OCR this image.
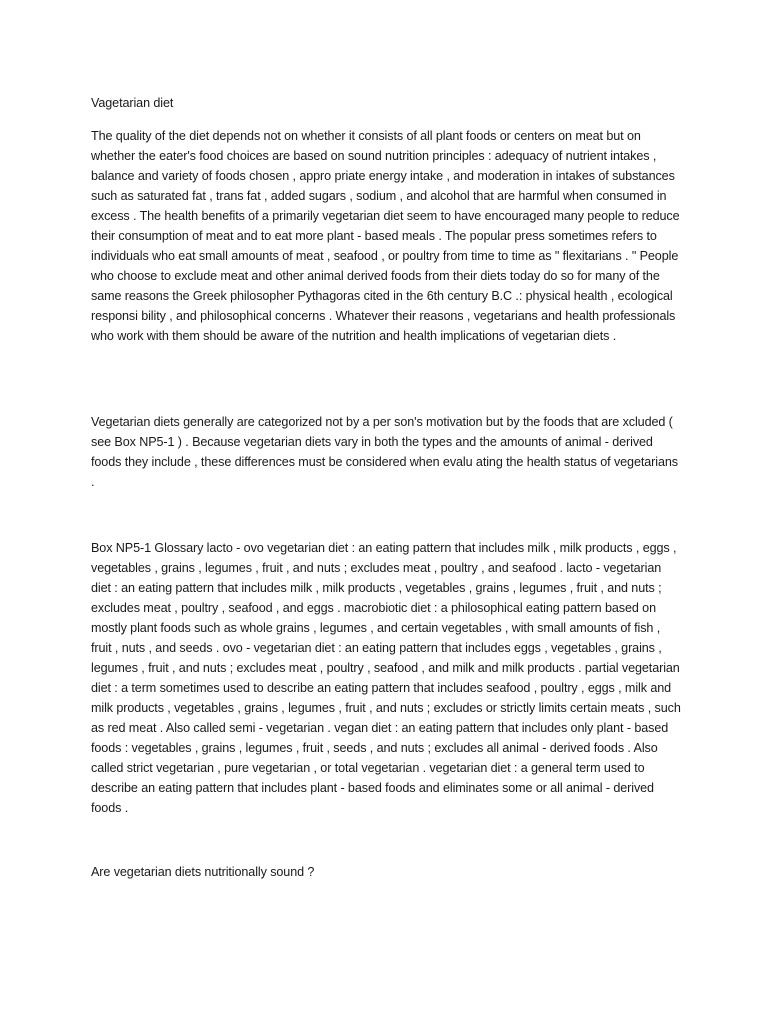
Vagetarian diet

The quality of the diet depends not on whether it consists of all plant foods or centers on meat but on whether the eater's food choices are based on sound nutrition principles : adequacy of nutrient intakes , balance and variety of foods chosen , appro priate energy intake , and moderation in intakes of substances such as saturated fat , trans fat , added sugars , sodium , and alcohol that are harmful when consumed in excess . The health benefits of a primarily vegetarian diet seem to have encouraged many people to reduce their consumption of meat and to eat more plant - based meals . The popular press sometimes refers to individuals who eat small amounts of meat , seafood , or poultry from time to time as " flexitarians . " People who choose to exclude meat and other animal derived foods from their diets today do so for many of the same reasons the Greek philosopher Pythagoras cited in the 6th century B.C .: physical health , ecological responsi bility , and philosophical concerns . Whatever their reasons , vegetarians and health professionals who work with them should be aware of the nutrition and health implications of vegetarian diets .

Vegetarian diets generally are categorized not by a per son's motivation but by the foods that are xcluded ( see Box NP5-1 ) . Because vegetarian diets vary in both the types and the amounts of animal - derived foods they include , these differences must be considered when evalu ating the health status of vegetarians .

Box NP5-1 Glossary lacto - ovo vegetarian diet : an eating pattern that includes milk , milk products , eggs , vegetables , grains , legumes , fruit , and nuts ; excludes meat , poultry , and seafood . lacto - vegetarian diet : an eating pattern that includes milk , milk products , vegetables , grains , legumes , fruit , and nuts ; excludes meat , poultry , seafood , and eggs . macrobiotic diet : a philosophical eating pattern based on mostly plant foods such as whole grains , legumes , and certain vegetables , with small amounts of fish , fruit , nuts , and seeds . ovo - vegetarian diet : an eating pattern that includes eggs , vegetables , grains , legumes , fruit , and nuts ; excludes meat , poultry , seafood , and milk and milk products . partial vegetarian diet : a term sometimes used to describe an eating pattern that includes seafood , poultry , eggs , milk and milk products , vegetables , grains , legumes , fruit , and nuts ; excludes or strictly limits certain meats , such as red meat . Also called semi - vegetarian . vegan diet : an eating pattern that includes only plant - based foods : vegetables , grains , legumes , fruit , seeds , and nuts ; excludes all animal - derived foods . Also called strict vegetarian , pure vegetarian , or total vegetarian . vegetarian diet : a general term used to describe an eating pattern that includes plant - based foods and eliminates some or all animal - derived foods .

Are vegetarian diets nutritionally sound ?
